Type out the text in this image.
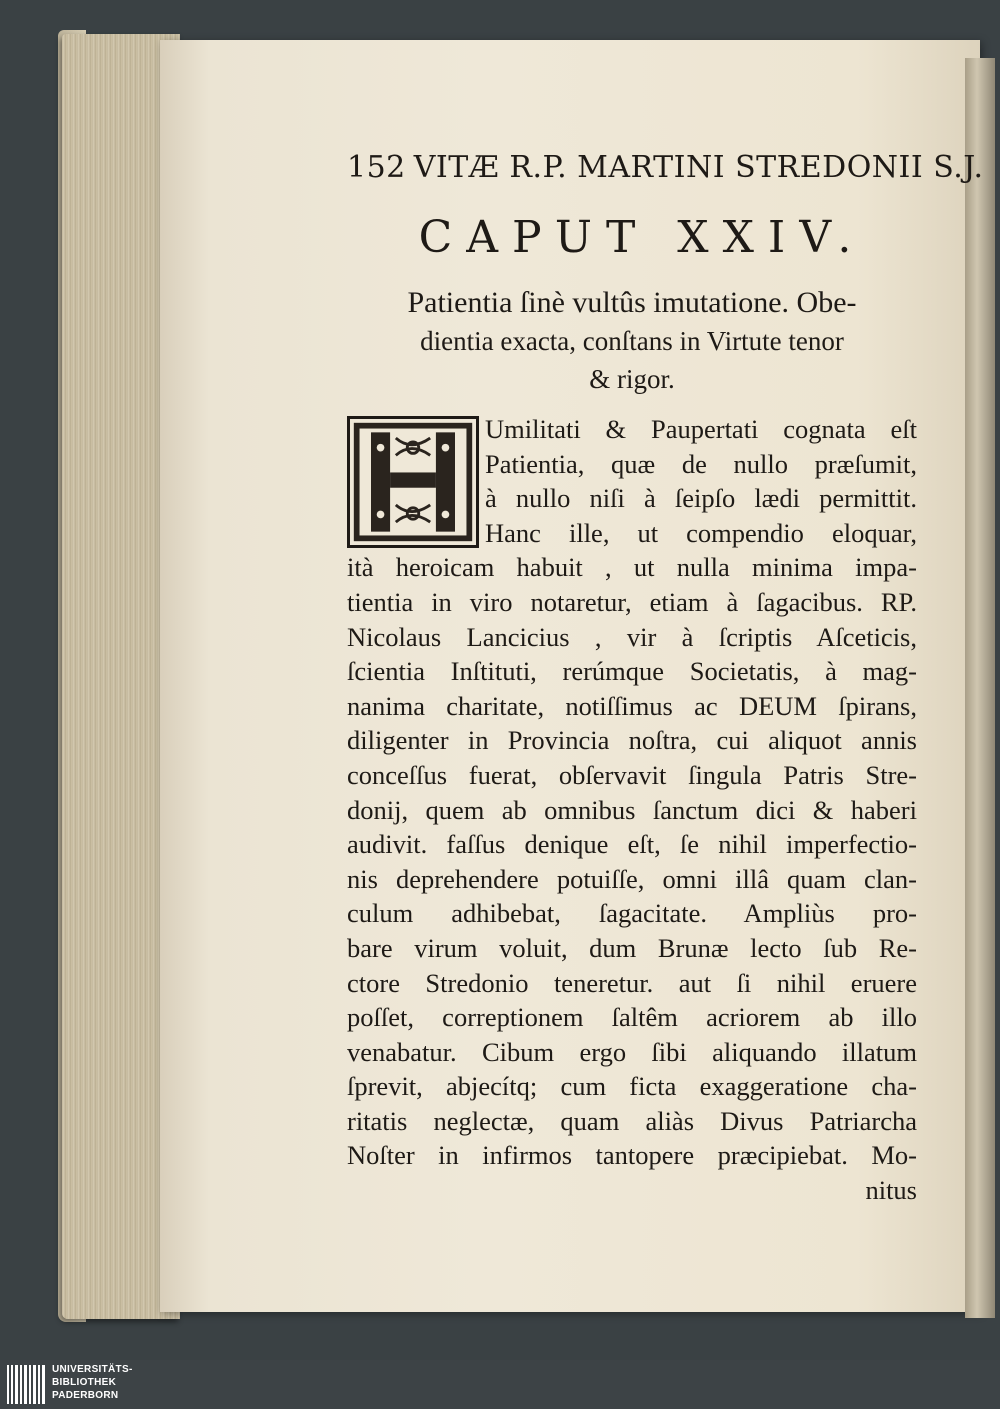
152 VITÆ R.P. MARTINI STREDONII S.J.
CAPUT XXIV.
Patientia ſinè vultûs imutatione. Obe-
dientia exacta, conſtans in Virtute tenor
& rigor.
Umilitati & Paupertati cognata eſt
Patientia, quæ de nullo præſumit,
à nullo niſi à ſeipſo lædi permittit.
Hanc ille, ut compendio eloquar,
ità heroicam habuit , ut nulla minima impa-
tientia in viro notaretur, etiam à ſagacibus. RP.
Nicolaus Lancicius , vir à ſcriptis Aſceticis,
ſcientia Inſtituti, rerúmque Societatis, à mag-
nanima charitate, notiſſimus ac DEUM ſpirans,
diligenter in Provincia noſtra, cui aliquot annis
conceſſus fuerat, obſervavit ſingula Patris Stre-
donij, quem ab omnibus ſanctum dici & haberi
audivit. faſſus denique eſt, ſe nihil imperfectio-
nis deprehendere potuiſſe, omni illâ quam clan-
culum adhibebat, ſagacitate. Ampliùs pro-
bare virum voluit, dum Brunæ lecto ſub Re-
ctore Stredonio teneretur. aut ſi nihil eruere
poſſet, correptionem ſaltêm acriorem ab illo
venabatur. Cibum ergo ſibi aliquando illatum
ſprevit, abjecítq; cum ficta exaggeratione cha-
ritatis neglectæ, quam aliàs Divus Patriarcha
Noſter in infirmos tantopere præcipiebat. Mo-
nitus
UNIVERSITÄTS-
BIBLIOTHEK
PADERBORN
